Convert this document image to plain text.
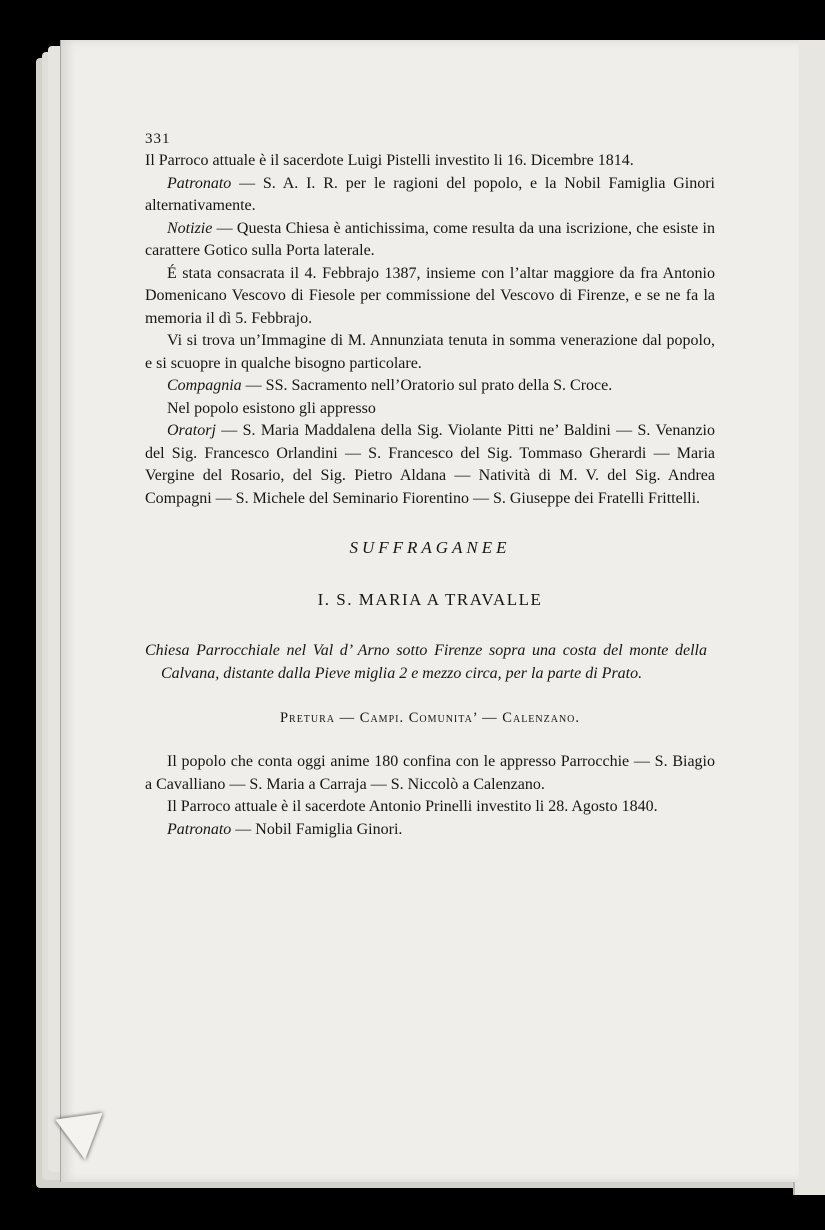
331

Il Parroco attuale è il sacerdote Luigi Pistelli investito li 16. Dicembre 1814.

Patronato — S. A. I. R. per le ragioni del popolo, e la Nobil Famiglia Ginori alternativamente.

Notizie — Questa Chiesa è antichissima, come resulta da una iscrizione, che esiste in carattere Gotico sulla Porta laterale.

É stata consacrata il 4. Febbrajo 1387, insieme con l’altar maggiore da fra Antonio Domenicano Vescovo di Fiesole per commissione del Vescovo di Firenze, e se ne fa la memoria il dì 5. Febbrajo.

Vi si trova un’Immagine di M. Annunziata tenuta in somma venerazione dal popolo, e si scuopre in qualche bisogno particolare.

Compagnia — SS. Sacramento nell’Oratorio sul prato della S. Croce.

Nel popolo esistono gli appresso

Oratorj — S. Maria Maddalena della Sig. Violante Pitti ne’ Baldini — S. Venanzio del Sig. Francesco Orlandini — S. Francesco del Sig. Tommaso Gherardi — Maria Vergine del Rosario, del Sig. Pietro Aldana — Natività di M. V. del Sig. Andrea Compagni — S. Michele del Seminario Fiorentino — S. Giuseppe dei Fratelli Frittelli.

SUFFRAGANEE

I. S. MARIA A TRAVALLE

Chiesa Parrocchiale nel Val d’ Arno sotto Firenze sopra una costa del monte della Calvana, distante dalla Pieve miglia 2 e mezzo circa, per la parte di Prato.

Pretura — Campi. Comunita’ — Calenzano.

Il popolo che conta oggi anime 180 confina con le appresso Parrocchie — S. Biagio a Cavalliano — S. Maria a Carraja — S. Niccolò a Calenzano.

Il Parroco attuale è il sacerdote Antonio Prinelli investito li 28. Agosto 1840.

Patronato — Nobil Famiglia Ginori.
